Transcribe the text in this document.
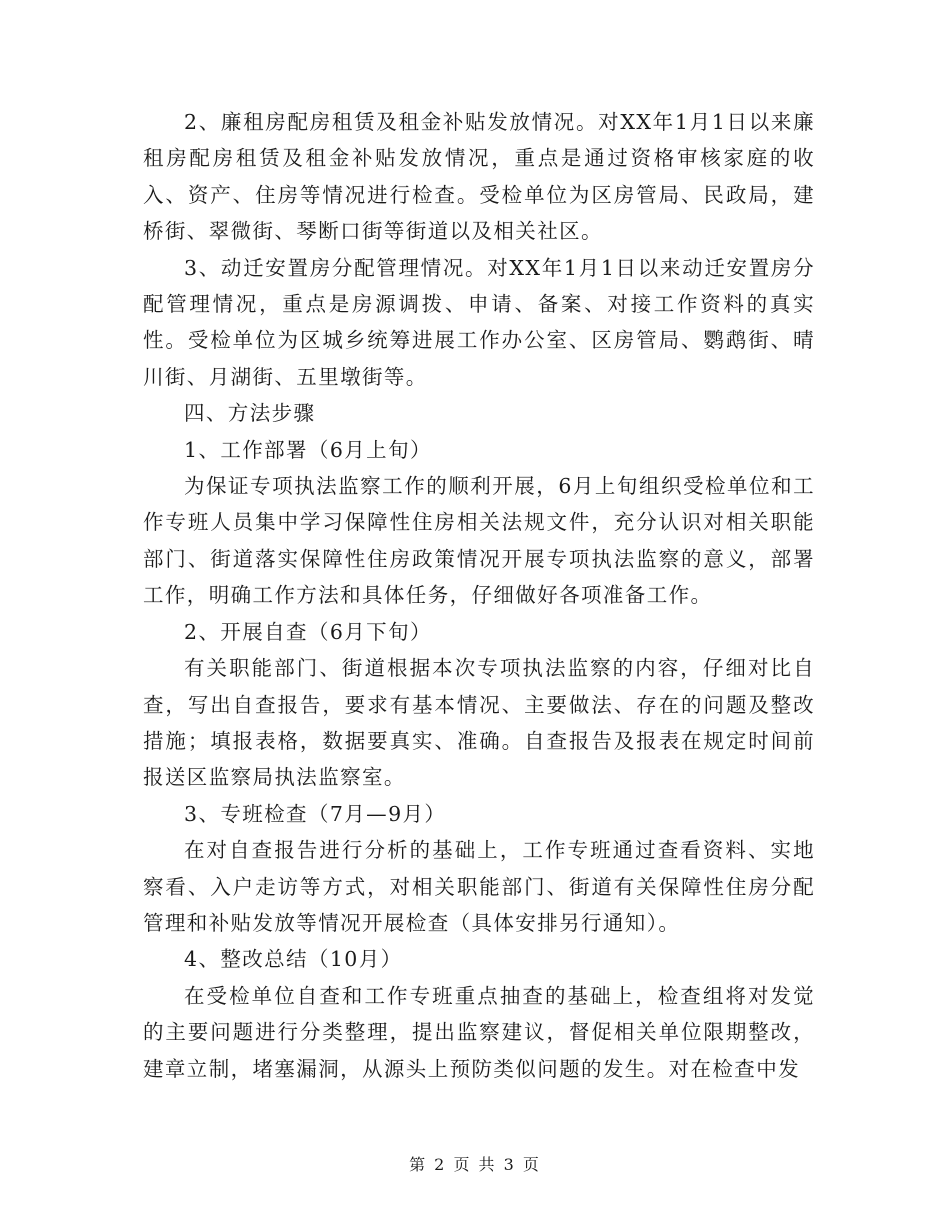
2、廉租房配房租赁及租金补贴发放情况。对XX年1月1日以来廉租房配房租赁及租金补贴发放情况，重点是通过资格审核家庭的收入、资产、住房等情况进行检查。受检单位为区房管局、民政局，建桥街、翠微街、琴断口街等街道以及相关社区。

3、动迁安置房分配管理情况。对XX年1月1日以来动迁安置房分配管理情况，重点是房源调拨、申请、备案、对接工作资料的真实性。受检单位为区城乡统筹进展工作办公室、区房管局、鹦鹉街、晴川街、月湖街、五里墩街等。

四、方法步骤

1、工作部署（6月上旬）

为保证专项执法监察工作的顺利开展，6月上旬组织受检单位和工作专班人员集中学习保障性住房相关法规文件，充分认识对相关职能部门、街道落实保障性住房政策情况开展专项执法监察的意义，部署工作，明确工作方法和具体任务，仔细做好各项准备工作。

2、开展自查（6月下旬）

有关职能部门、街道根据本次专项执法监察的内容，仔细对比自查，写出自查报告，要求有基本情况、主要做法、存在的问题及整改措施；填报表格，数据要真实、准确。自查报告及报表在规定时间前报送区监察局执法监察室。

3、专班检查（7月—9月）

在对自查报告进行分析的基础上，工作专班通过查看资料、实地察看、入户走访等方式，对相关职能部门、街道有关保障性住房分配管理和补贴发放等情况开展检查（具体安排另行通知）。

4、整改总结（10月）

在受检单位自查和工作专班重点抽查的基础上，检查组将对发觉的主要问题进行分类整理，提出监察建议，督促相关单位限期整改，建章立制，堵塞漏洞，从源头上预防类似问题的发生。对在检查中发

第 2 页 共 3 页
